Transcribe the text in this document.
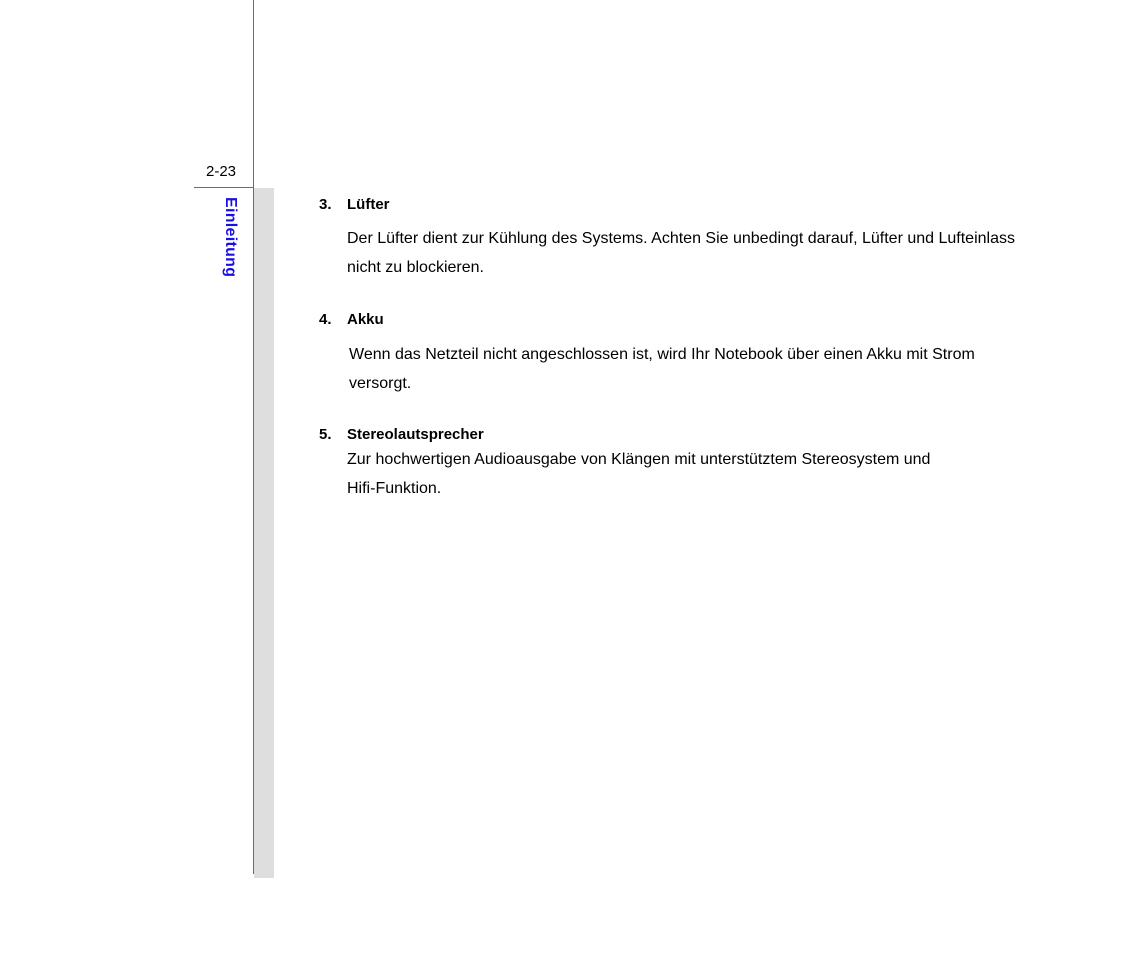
2-23
Einleitung	3. Lüfter
Der Lüfter dient zur Kühlung des Systems. Achten Sie unbedingt darauf, Lüfter und Lufteinlass nicht zu blockieren.
4. Akku
Wenn das Netzteil nicht angeschlossen ist, wird Ihr Notebook über einen Akku mit Strom versorgt.
5. Stereolautsprecher
Zur hochwertigen Audioausgabe von Klängen mit unterstütztem Stereosystem und Hifi-Funktion.
